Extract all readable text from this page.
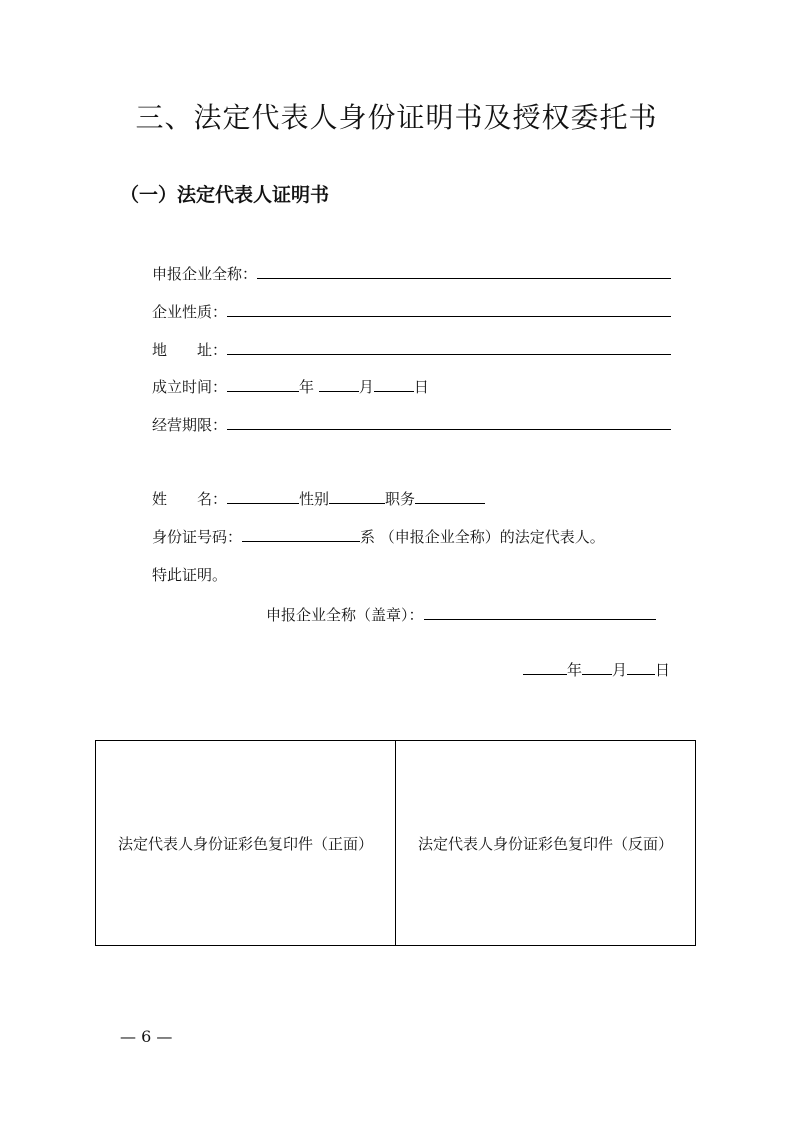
三、法定代表人身份证明书及授权委托书
（一）法定代表人证明书
申报企业全称：
企业性质：
地　　址：
成立时间：	年	月	日
经营期限：
姓　　名：	性别	职务
身份证号码：	系 （申报企业全称）的法定代表人。
特此证明。
申报企业全称（盖章）：
年 月 日
法定代表人身份证彩色复印件（正面）	法定代表人身份证彩色复印件（反面）
— 6 —
